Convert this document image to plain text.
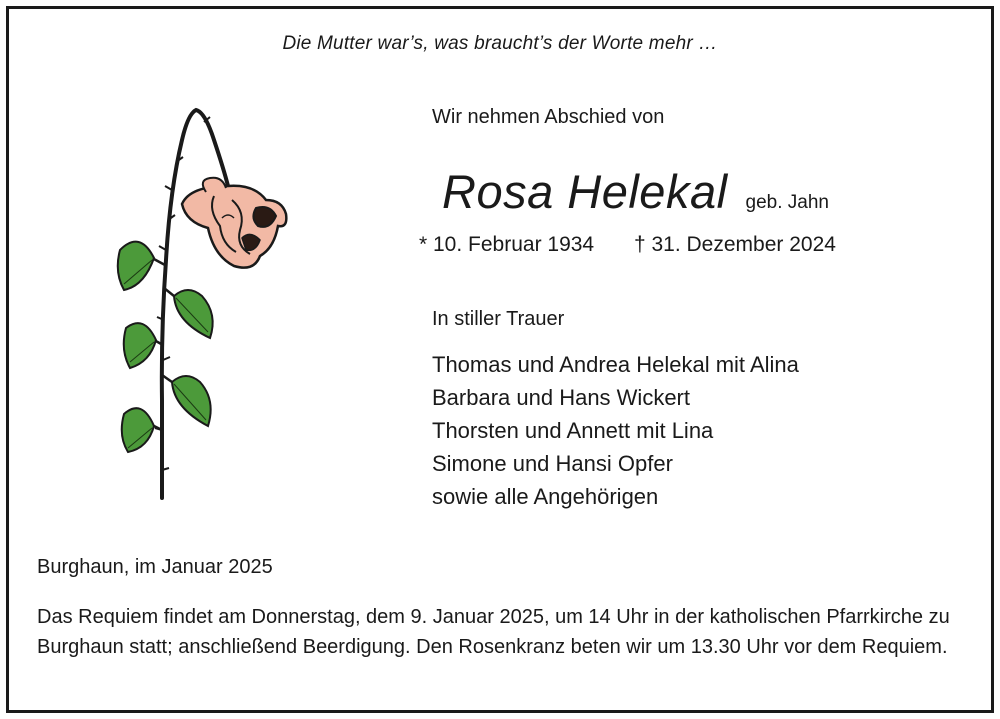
Die Mutter war’s, was braucht’s der Worte mehr …

Wir nehmen Abschied von

Rosa Helekal geb. Jahn

* 10. Februar 1934 † 31. Dezember 2024

In stiller Trauer

Thomas und Andrea Helekal mit Alina
Barbara und Hans Wickert
Thorsten und Annett mit Lina
Simone und Hansi Opfer
sowie alle Angehörigen

Burghaun, im Januar 2025

Das Requiem findet am Donnerstag, dem 9. Januar 2025, um 14 Uhr in der katholischen Pfarrkirche zu Burghaun statt; anschließend Beerdigung. Den Rosenkranz beten wir um 13.30 Uhr vor dem Requiem.
